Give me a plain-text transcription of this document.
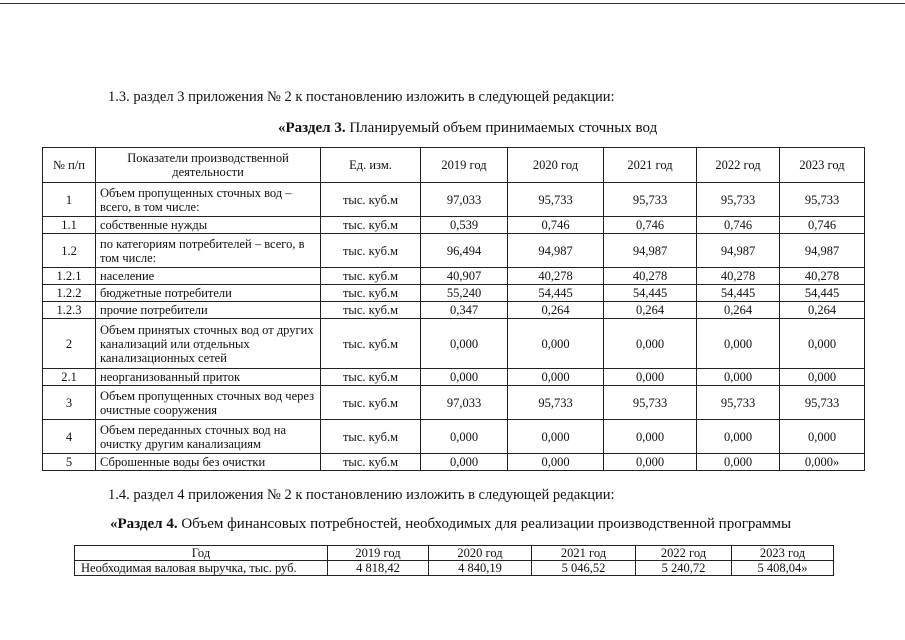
1.3. раздел 3 приложения № 2 к постановлению изложить в следующей редакции:
«Раздел 3. Планируемый объем принимаемых сточных вод
№ п/п	Показатели производственной деятельности	Ед. изм.	2019 год	2020 год	2021 год	2022 год	2023 год
1	Объем пропущенных сточных вод – всего, в том числе:	тыс. куб.м	97,033	95,733	95,733	95,733	95,733
1.1	собственные нужды	тыс. куб.м	0,539	0,746	0,746	0,746	0,746
1.2	по категориям потребителей – всего, в том числе:	тыс. куб.м	96,494	94,987	94,987	94,987	94,987
1.2.1	население	тыс. куб.м	40,907	40,278	40,278	40,278	40,278
1.2.2	бюджетные потребители	тыс. куб.м	55,240	54,445	54,445	54,445	54,445
1.2.3	прочие потребители	тыс. куб.м	0,347	0,264	0,264	0,264	0,264
2	Объем принятых сточных вод от других канализаций или отдельных канализационных сетей	тыс. куб.м	0,000	0,000	0,000	0,000	0,000
2.1	неорганизованный приток	тыс. куб.м	0,000	0,000	0,000	0,000	0,000
3	Объем пропущенных сточных вод через очистные сооружения	тыс. куб.м	97,033	95,733	95,733	95,733	95,733
4	Объем переданных сточных вод на очистку другим канализациям	тыс. куб.м	0,000	0,000	0,000	0,000	0,000
5	Сброшенные воды без очистки	тыс. куб.м	0,000	0,000	0,000	0,000	0,000»
1.4. раздел 4 приложения № 2 к постановлению изложить в следующей редакции:
«Раздел 4. Объем финансовых потребностей, необходимых для реализации производственной программы
Год	2019 год	2020 год	2021 год	2022 год	2023 год
Необходимая валовая выручка, тыс. руб.	4 818,42	4 840,19	5 046,52	5 240,72	5 408,04»
